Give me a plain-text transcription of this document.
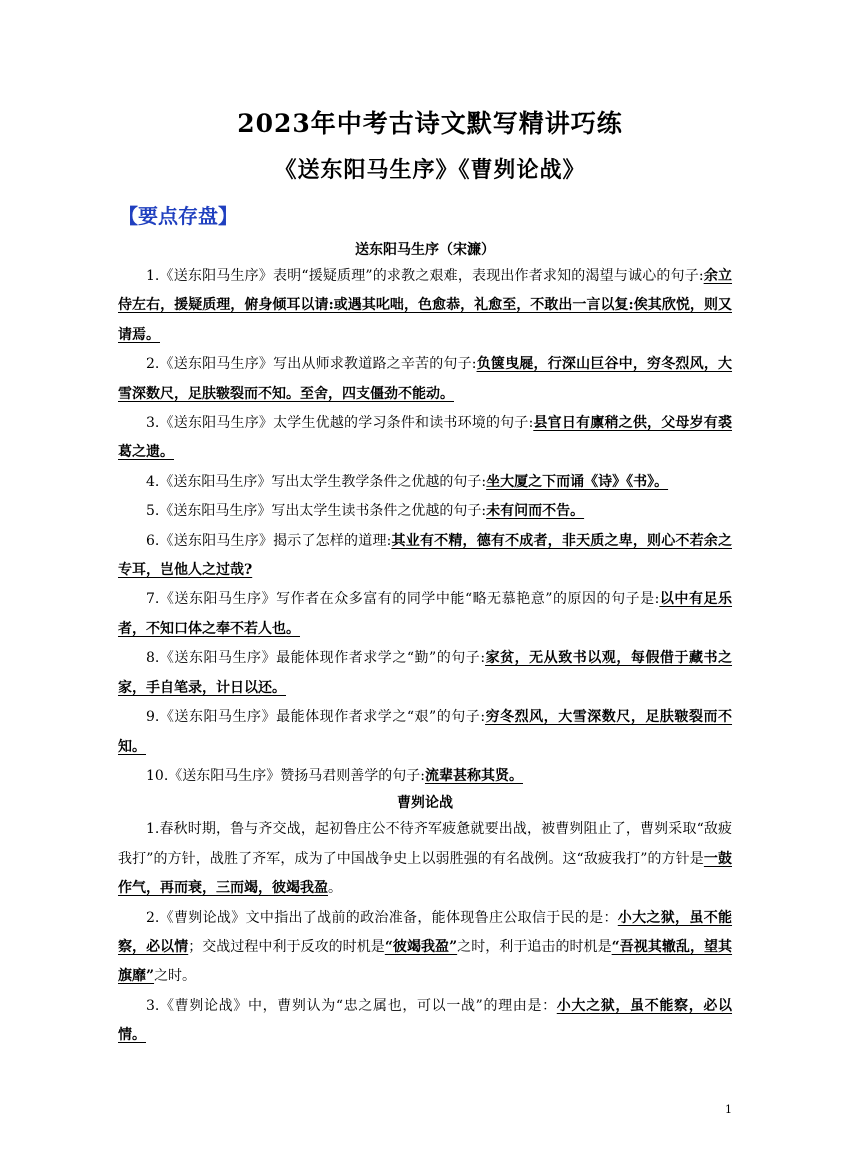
2023年中考古诗文默写精讲巧练
《送东阳马生序》《曹刿论战》
【要点存盘】

送东阳马生序（宋濂）

1.《送东阳马生序》表明“援疑质理”的求教之艰难，表现出作者求知的渴望与诚心的句子:余立侍左右，援疑质理，俯身倾耳以请:或遇其叱咄，色愈恭，礼愈至，不敢出一言以复:俟其欣悦，则又请焉。

2.《送东阳马生序》写出从师求教道路之辛苦的句子:负箧曳屣，行深山巨谷中，穷冬烈风，大雪深数尺，足肤皲裂而不知。至舍，四支僵劲不能动。

3.《送东阳马生序》太学生优越的学习条件和读书环境的句子:县官日有廪稍之供，父母岁有裘葛之遗。

4.《送东阳马生序》写出太学生教学条件之优越的句子:坐大厦之下而诵《诗》《书》。

5.《送东阳马生序》写出太学生读书条件之优越的句子:未有问而不告。

6.《送东阳马生序》揭示了怎样的道理:其业有不精，德有不成者，非天质之卑，则心不若余之专耳，岂他人之过哉?

7.《送东阳马生序》写作者在众多富有的同学中能“略无慕艳意”的原因的句子是:以中有足乐者，不知口体之奉不若人也。

8.《送东阳马生序》最能体现作者求学之“勤”的句子:家贫，无从致书以观，每假借于藏书之家，手自笔录，计日以还。

9.《送东阳马生序》最能体现作者求学之“艰”的句子:穷冬烈风，大雪深数尺，足肤皲裂而不知。

10.《送东阳马生序》赞扬马君则善学的句子:流辈甚称其贤。

曹刿论战

1.春秋时期，鲁与齐交战，起初鲁庄公不待齐军疲惫就要出战，被曹刿阻止了，曹刿采取“敌疲我打”的方针，战胜了齐军，成为了中国战争史上以弱胜强的有名战例。这“敌疲我打”的方针是一鼓作气，再而衰，三而竭，彼竭我盈。

2.《曹刿论战》文中指出了战前的政治准备，能体现鲁庄公取信于民的是：小大之狱，虽不能察，必以情；交战过程中利于反攻的时机是“彼竭我盈”之时，利于追击的时机是“吾视其辙乱，望其旗靡”之时。

3.《曹刿论战》中，曹刿认为“忠之属也，可以一战”的理由是：小大之狱，虽不能察，必以情。

1
